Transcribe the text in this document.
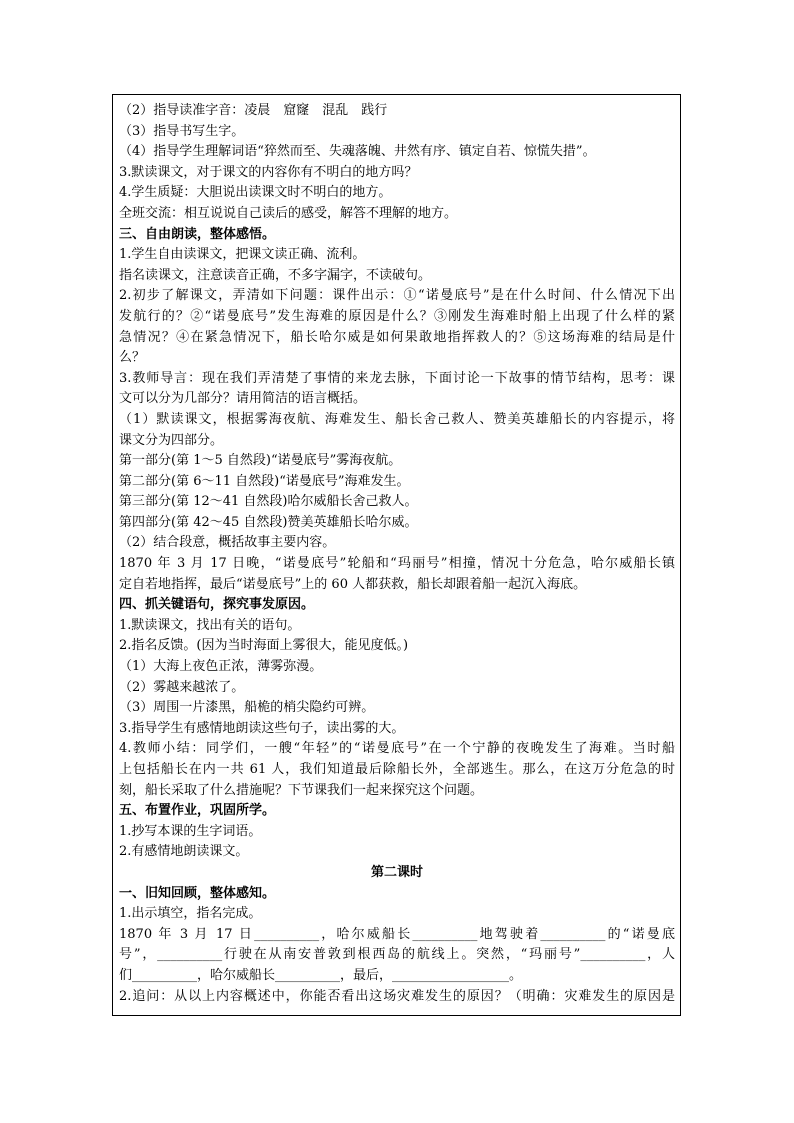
（2）指导读准字音：凌晨　窟窿　混乱　践行
（3）指导书写生字。
（4）指导学生理解词语“猝然而至、失魂落魄、井然有序、镇定自若、惊慌失措”。
3.默读课文，对于课文的内容你有不明白的地方吗？
4.学生质疑：大胆说出读课文时不明白的地方。
全班交流：相互说说自己读后的感受，解答不理解的地方。
三、自由朗读，整体感悟。
1.学生自由读课文，把课文读正确、流利。
指名读课文，注意读音正确，不多字漏字，不读破句。
2.初步了解课文，弄清如下问题：课件出示：①“诺曼底号”是在什么时间、什么情况下出
发航行的？②“诺曼底号”发生海难的原因是什么？③刚发生海难时船上出现了什么样的紧
急情况？④在紧急情况下，船长哈尔威是如何果敢地指挥救人的？⑤这场海难的结局是什
么？
3.教师导言：现在我们弄清楚了事情的来龙去脉，下面讨论一下故事的情节结构，思考：课
文可以分为几部分？请用简洁的语言概括。
（1）默读课文，根据雾海夜航、海难发生、船长舍己救人、赞美英雄船长的内容提示，将
课文分为四部分。
第一部分(第 1～5 自然段)“诺曼底号”雾海夜航。
第二部分(第 6～11 自然段)“诺曼底号”海难发生。
第三部分(第 12～41 自然段)哈尔威船长舍己救人。
第四部分(第 42～45 自然段)赞美英雄船长哈尔威。
（2）结合段意，概括故事主要内容。
1870 年 3 月 17 日晚，“诺曼底号”轮船和“玛丽号”相撞，情况十分危急，哈尔威船长镇
定自若地指挥，最后“诺曼底号”上的 60 人都获救，船长却跟着船一起沉入海底。
四、抓关键语句，探究事发原因。
1.默读课文，找出有关的语句。
2.指名反馈。(因为当时海面上雾很大，能见度低。)
（1）大海上夜色正浓，薄雾弥漫。
（2）雾越来越浓了。
（3）周围一片漆黑，船桅的梢尖隐约可辨。
3.指导学生有感情地朗读这些句子，读出雾的大。
4.教师小结：同学们，一艘“年轻”的“诺曼底号”在一个宁静的夜晚发生了海难。当时船
上包括船长在内一共 61 人，我们知道最后除船长外，全部逃生。那么，在这万分危急的时
刻，船长采取了什么措施呢？下节课我们一起来探究这个问题。
五、布置作业，巩固所学。
1.抄写本课的生字词语。
2.有感情地朗读课文。
第二课时
一、旧知回顾，整体感知。
1.出示填空，指名完成。
1870 年 3 月 17 日__________，哈尔威船长__________地驾驶着__________的“诺曼底
号”，__________行驶在从南安普敦到根西岛的航线上。突然，“玛丽号”__________，人
们__________，哈尔威船长__________，最后，__________________。
2.追问：从以上内容概述中，你能否看出这场灾难发生的原因？（明确：灾难发生的原因是
